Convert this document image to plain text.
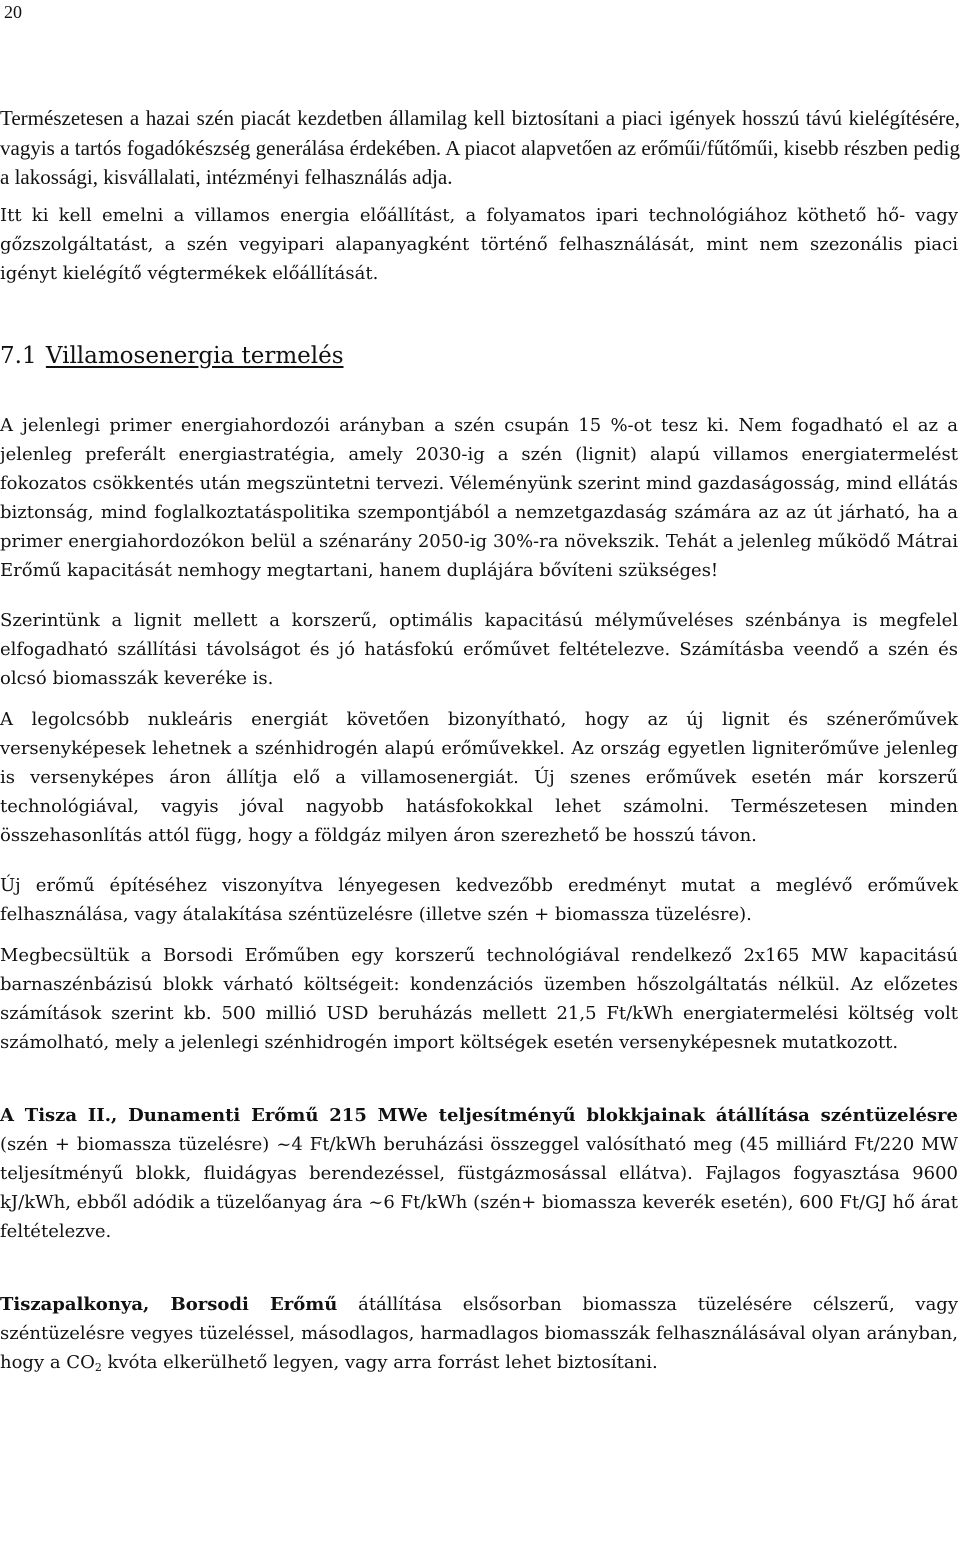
20

Természetesen a hazai szén piacát kezdetben államilag kell biztosítani a piaci igények hosszú távú kielégítésére, vagyis a tartós fogadókészség generálása érdekében. A piacot alapvetően az erőműi/fűtőműi, kisebb részben pedig a lakossági, kisvállalati, intézményi felhasználás adja.

Itt ki kell emelni a villamos energia előállítást, a folyamatos ipari technológiához köthető hő- vagy gőzszolgáltatást, a szén vegyipari alapanyagként történő felhasználását, mint nem szezonális piaci igényt kielégítő végtermékek előállítását.

7.1 Villamosenergia termelés

A jelenlegi primer energiahordozói arányban a szén csupán 15 %-ot tesz ki. Nem fogadható el az a jelenleg preferált energiastratégia, amely 2030-ig a szén (lignit) alapú villamos energiatermelést fokozatos csökkentés után megszüntetni tervezi. Véleményünk szerint mind gazdaságosság, mind ellátás biztonság, mind foglalkoztatáspolitika szempontjából a nemzetgazdaság számára az az út járható, ha a primer energiahordozókon belül a szénarány 2050-ig 30%-ra növekszik. Tehát a jelenleg működő Mátrai Erőmű kapacitását nemhogy megtartani, hanem duplájára bővíteni szükséges!

Szerintünk a lignit mellett a korszerű, optimális kapacitású mélyműveléses szénbánya is megfelel elfogadható szállítási távolságot és jó hatásfokú erőművet feltételezve. Számításba veendő a szén és olcsó biomasszák keveréke is.

A legolcsóbb nukleáris energiát követően bizonyítható, hogy az új lignit és szénerőművek versenyképesek lehetnek a szénhidrogén alapú erőművekkel. Az ország egyetlen ligniterőműve jelenleg is versenyképes áron állítja elő a villamosenergiát. Új szenes erőművek esetén már korszerű technológiával, vagyis jóval nagyobb hatásfokokkal lehet számolni. Természetesen minden összehasonlítás attól függ, hogy a földgáz milyen áron szerezhető be hosszú távon.

Új erőmű építéséhez viszonyítva lényegesen kedvezőbb eredményt mutat a meglévő erőművek felhasználása, vagy átalakítása széntüzelésre (illetve szén + biomassza tüzelésre).

Megbecsültük a Borsodi Erőműben egy korszerű technológiával rendelkező 2x165 MW kapacitású barnaszénbázisú blokk várható költségeit: kondenzációs üzemben hőszolgáltatás nélkül. Az előzetes számítások szerint kb. 500 millió USD beruházás mellett 21,5 Ft/kWh energiatermelési költség volt számolható, mely a jelenlegi szénhidrogén import költségek esetén versenyképesnek mutatkozott.

A Tisza II., Dunamenti Erőmű 215 MWe teljesítményű blokkjainak átállítása széntüzelésre (szén + biomassza tüzelésre) ~4 Ft/kWh beruházási összeggel valósítható meg (45 milliárd Ft/220 MW teljesítményű blokk, fluidágyas berendezéssel, füstgázmosással ellátva). Fajlagos fogyasztása 9600 kJ/kWh, ebből adódik a tüzelőanyag ára ~6 Ft/kWh (szén+ biomassza keverék esetén), 600 Ft/GJ hő árat feltételezve.

Tiszapalkonya, Borsodi Erőmű átállítása elsősorban biomassza tüzelésére célszerű, vagy széntüzelésre vegyes tüzeléssel, másodlagos, harmadlagos biomasszák felhasználásával olyan arányban, hogy a $CO_2$ kvóta elkerülhető legyen, vagy arra forrást lehet biztosítani.
